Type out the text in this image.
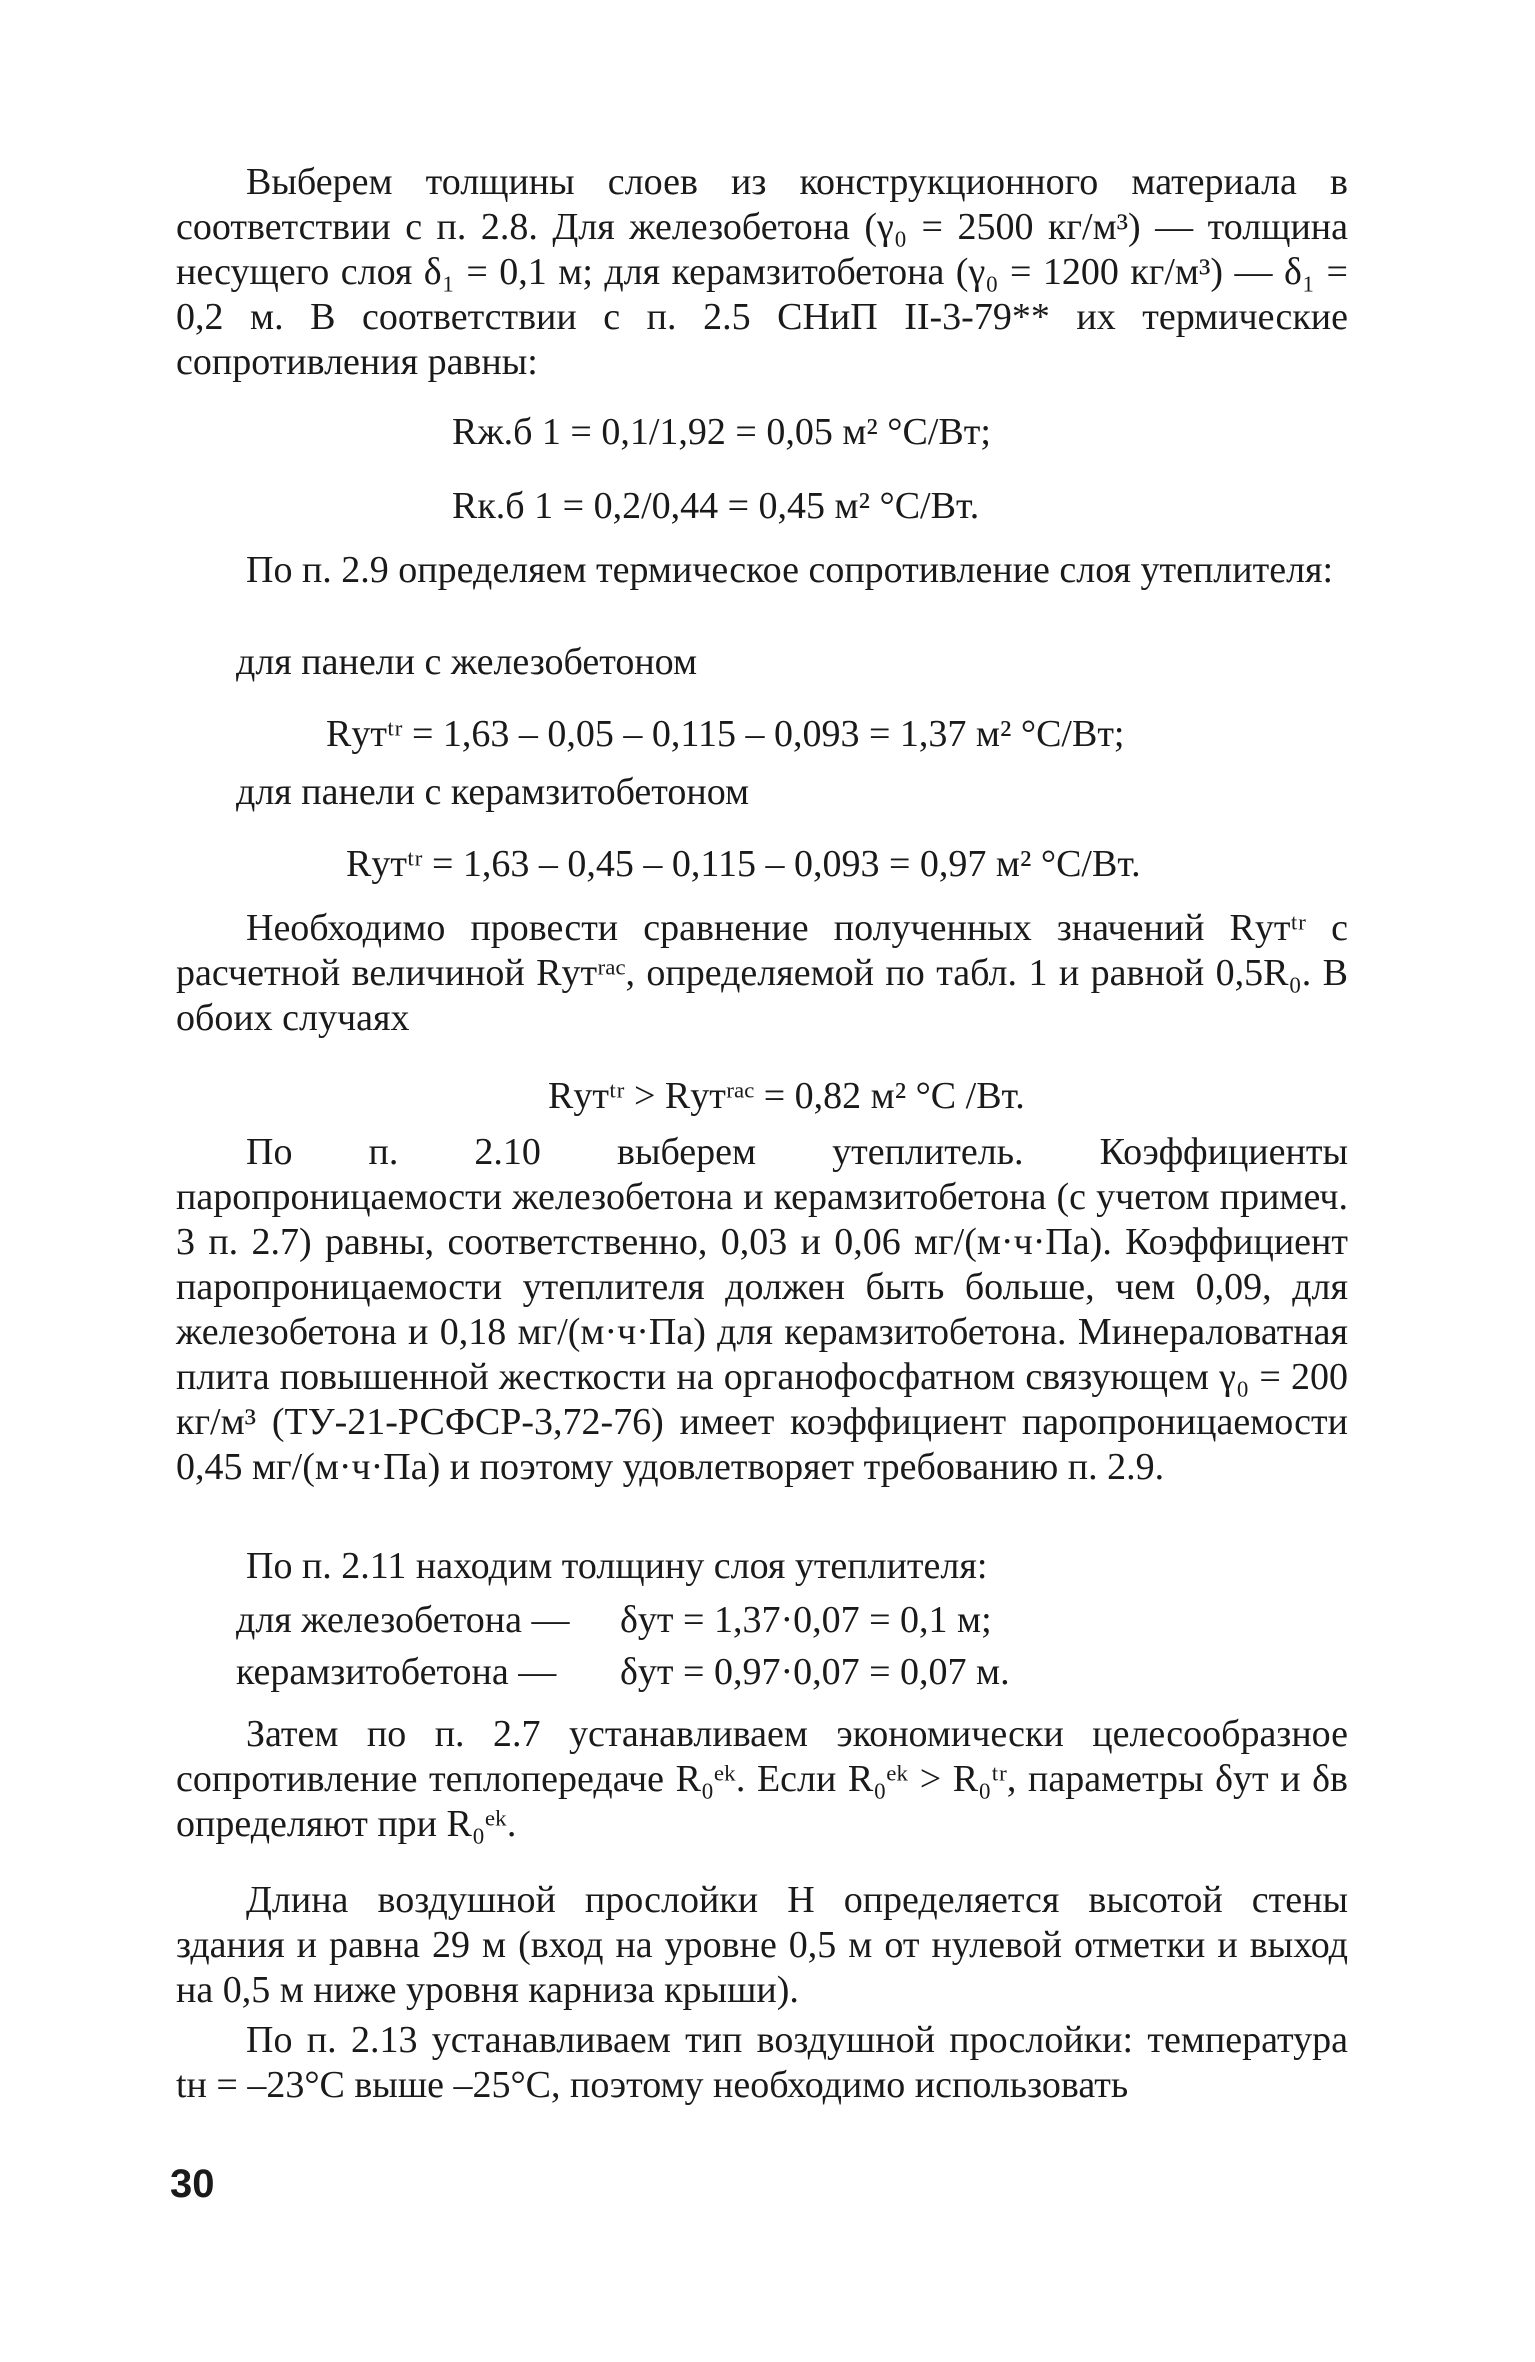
Выберем толщины слоев из конструкционного материала в соответствии с п. 2.8. Для железобетона (γ₀ = 2500 кг/м³) — толщина несущего слоя δ₁ = 0,1 м; для керамзитобетона (γ₀ = 1200 кг/м³) — δ₁ = 0,2 м. В соответствии с п. 2.5 СНиП II-3-79** их термические сопротивления равны:

Rж.б 1 = 0,1/1,92 = 0,05 м² °С/Вт;
Rк.б 1 = 0,2/0,44 = 0,45 м² °С/Вт.

По п. 2.9 определяем термическое сопротивление слоя утеплителя:

для панели с железобетоном
Rутᵗʳ = 1,63 – 0,05 – 0,115 – 0,093 = 1,37 м² °С/Вт;
для панели с керамзитобетоном
Rутᵗʳ = 1,63 – 0,45 – 0,115 – 0,093 = 0,97 м² °С/Вт.

Необходимо провести сравнение полученных значений Rутᵗʳ с расчетной величиной Rутʳᵃᶜ, определяемой по табл. 1 и равной 0,5R₀. В обоих случаях

Rутᵗʳ > Rутʳᵃᶜ = 0,82 м² °С /Вт.

По п. 2.10 выберем утеплитель. Коэффициенты паропроницаемости железобетона и керамзитобетона (с учетом примеч. 3 п. 2.7) равны, соответственно, 0,03 и 0,06 мг/(м·ч·Па). Коэффициент паропроницаемости утеплителя должен быть больше, чем 0,09, для железобетона и 0,18 мг/(м·ч·Па) для керамзитобетона. Минераловатная плита повышенной жесткости на органофосфатном связующем γ₀ = 200 кг/м³ (ТУ-21-РСФСР-3,72-76) имеет коэффициент паропроницаемости 0,45 мг/(м·ч·Па) и поэтому удовлетворяет требованию п. 2.9.

По п. 2.11 находим толщину слоя утеплителя:

для железобетона — δут = 1,37·0,07 = 0,1 м;
керамзитобетона — δут = 0,97·0,07 = 0,07 м.

Затем по п. 2.7 устанавливаем экономически целесообразное сопротивление теплопередаче R₀ᵉᵏ. Если R₀ᵉᵏ > R₀ᵗʳ, параметры δут и δв определяют при R₀ᵉᵏ.

Длина воздушной прослойки H определяется высотой стены здания и равна 29 м (вход на уровне 0,5 м от нулевой отметки и выход на 0,5 м ниже уровня карниза крыши).

По п. 2.13 устанавливаем тип воздушной прослойки: температура tн = –23°С выше –25°С, поэтому необходимо использовать

30
